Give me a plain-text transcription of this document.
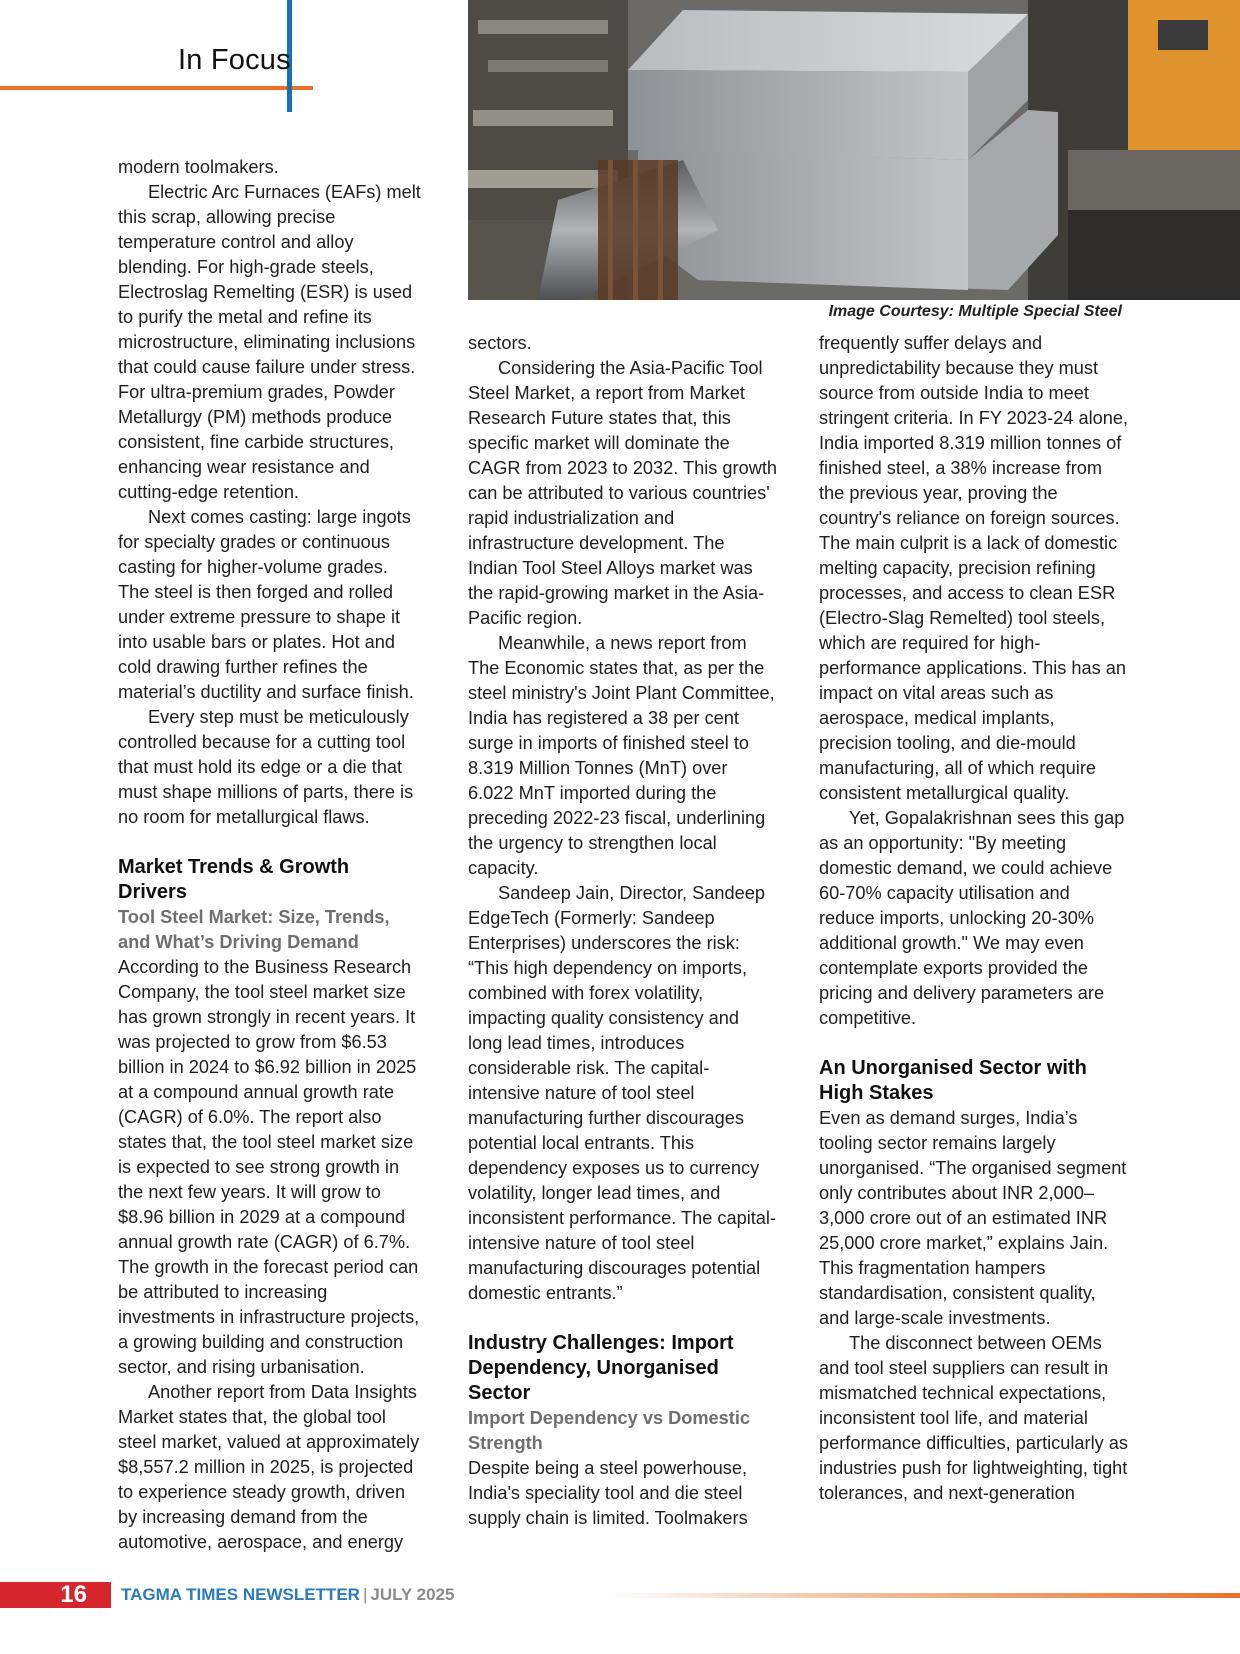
In Focus
Image Courtesy: Multiple Special Steel

modern toolmakers.

Electric Arc Furnaces (EAFs) melt this scrap, allowing precise temperature control and alloy blending. For high-grade steels, Electroslag Remelting (ESR) is used to purify the metal and refine its microstructure, eliminating inclusions that could cause failure under stress. For ultra-premium grades, Powder Metallurgy (PM) methods produce consistent, fine carbide structures, enhancing wear resistance and cutting-edge retention.

Next comes casting: large ingots for specialty grades or continuous casting for higher-volume grades. The steel is then forged and rolled under extreme pressure to shape it into usable bars or plates. Hot and cold drawing further refines the material’s ductility and surface finish.

Every step must be meticulously controlled because for a cutting tool that must hold its edge or a die that must shape millions of parts, there is no room for metallurgical flaws.

Market Trends & Growth Drivers
Tool Steel Market: Size, Trends, and What’s Driving Demand

According to the Business Research Company, the tool steel market size has grown strongly in recent years. It was projected to grow from $6.53 billion in 2024 to $6.92 billion in 2025 at a compound annual growth rate (CAGR) of 6.0%. The report also states that, the tool steel market size is expected to see strong growth in the next few years. It will grow to $8.96 billion in 2029 at a compound annual growth rate (CAGR) of 6.7%. The growth in the forecast period can be attributed to increasing investments in infrastructure projects, a growing building and construction sector, and rising urbanisation.

Another report from Data Insights Market states that, the global tool steel market, valued at approximately $8,557.2 million in 2025, is projected to experience steady growth, driven by increasing demand from the automotive, aerospace, and energy

sectors.

Considering the Asia-Pacific Tool Steel Market, a report from Market Research Future states that, this specific market will dominate the CAGR from 2023 to 2032. This growth can be attributed to various countries' rapid industrialization and infrastructure development. The Indian Tool Steel Alloys market was the rapid-growing market in the Asia-Pacific region.

Meanwhile, a news report from The Economic states that, as per the steel ministry's Joint Plant Committee, India has registered a 38 per cent surge in imports of finished steel to 8.319 Million Tonnes (MnT) over 6.022 MnT imported during the preceding 2022-23 fiscal, underlining the urgency to strengthen local capacity.

Sandeep Jain, Director, Sandeep EdgeTech (Formerly: Sandeep Enterprises) underscores the risk: “This high dependency on imports, combined with forex volatility, impacting quality consistency and long lead times, introduces considerable risk. The capital-intensive nature of tool steel manufacturing further discourages potential local entrants. This dependency exposes us to currency volatility, longer lead times, and inconsistent performance. The capital-intensive nature of tool steel manufacturing discourages potential domestic entrants.”

Industry Challenges: Import Dependency, Unorganised Sector
Import Dependency vs Domestic Strength

Despite being a steel powerhouse, India's speciality tool and die steel supply chain is limited. Toolmakers

frequently suffer delays and unpredictability because they must source from outside India to meet stringent criteria. In FY 2023-24 alone, India imported 8.319 million tonnes of finished steel, a 38% increase from the previous year, proving the country's reliance on foreign sources. The main culprit is a lack of domestic melting capacity, precision refining processes, and access to clean ESR (Electro-Slag Remelted) tool steels, which are required for high-performance applications. This has an impact on vital areas such as aerospace, medical implants, precision tooling, and die-mould manufacturing, all of which require consistent metallurgical quality.

Yet, Gopalakrishnan sees this gap as an opportunity: "By meeting domestic demand, we could achieve 60-70% capacity utilisation and reduce imports, unlocking 20-30% additional growth." We may even contemplate exports provided the pricing and delivery parameters are competitive.

An Unorganised Sector with High Stakes

Even as demand surges, India’s tooling sector remains largely unorganised. “The organised segment only contributes about INR 2,000–3,000 crore out of an estimated INR 25,000 crore market,” explains Jain. This fragmentation hampers standardisation, consistent quality, and large-scale investments.

The disconnect between OEMs and tool steel suppliers can result in mismatched technical expectations, inconsistent tool life, and material performance difficulties, particularly as industries push for lightweighting, tight tolerances, and next-generation

16 TAGMA TIMES NEWSLETTER | JULY 2025
